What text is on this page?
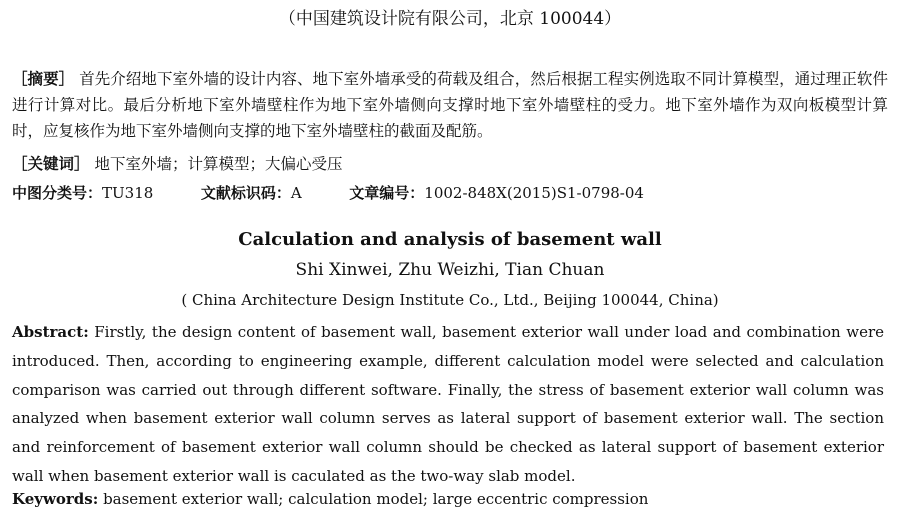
（中国建筑设计院有限公司，北京 100044）
［摘要］ 首先介绍地下室外墙的设计内容、地下室外墙承受的荷载及组合，然后根据工程实例选取不同计算模型，通过理正软件进行计算对比。最后分析地下室外墙壁柱作为地下室外墙侧向支撑时地下室外墙壁柱的受力。地下室外墙作为双向板模型计算时，应复核作为地下室外墙侧向支撑的地下室外墙壁柱的截面及配筋。
［关键词］ 地下室外墙；计算模型；大偏心受压
中图分类号：TU318	文献标识码：A	文章编号：1002-848X(2015)S1-0798-04
Calculation and analysis of basement wall
Shi Xinwei, Zhu Weizhi, Tian Chuan
( China Architecture Design Institute Co., Ltd., Beijing 100044, China)
Abstract: Firstly, the design content of basement wall, basement exterior wall under load and combination were introduced. Then, according to engineering example, different calculation model were selected and calculation comparison was carried out through different software. Finally, the stress of basement exterior wall column was analyzed when basement exterior wall column serves as lateral support of basement exterior wall. The section and reinforcement of basement exterior wall column should be checked as lateral support of basement exterior wall when basement exterior wall is caculated as the two-way slab model.
Keywords: basement exterior wall; calculation model; large eccentric compression
